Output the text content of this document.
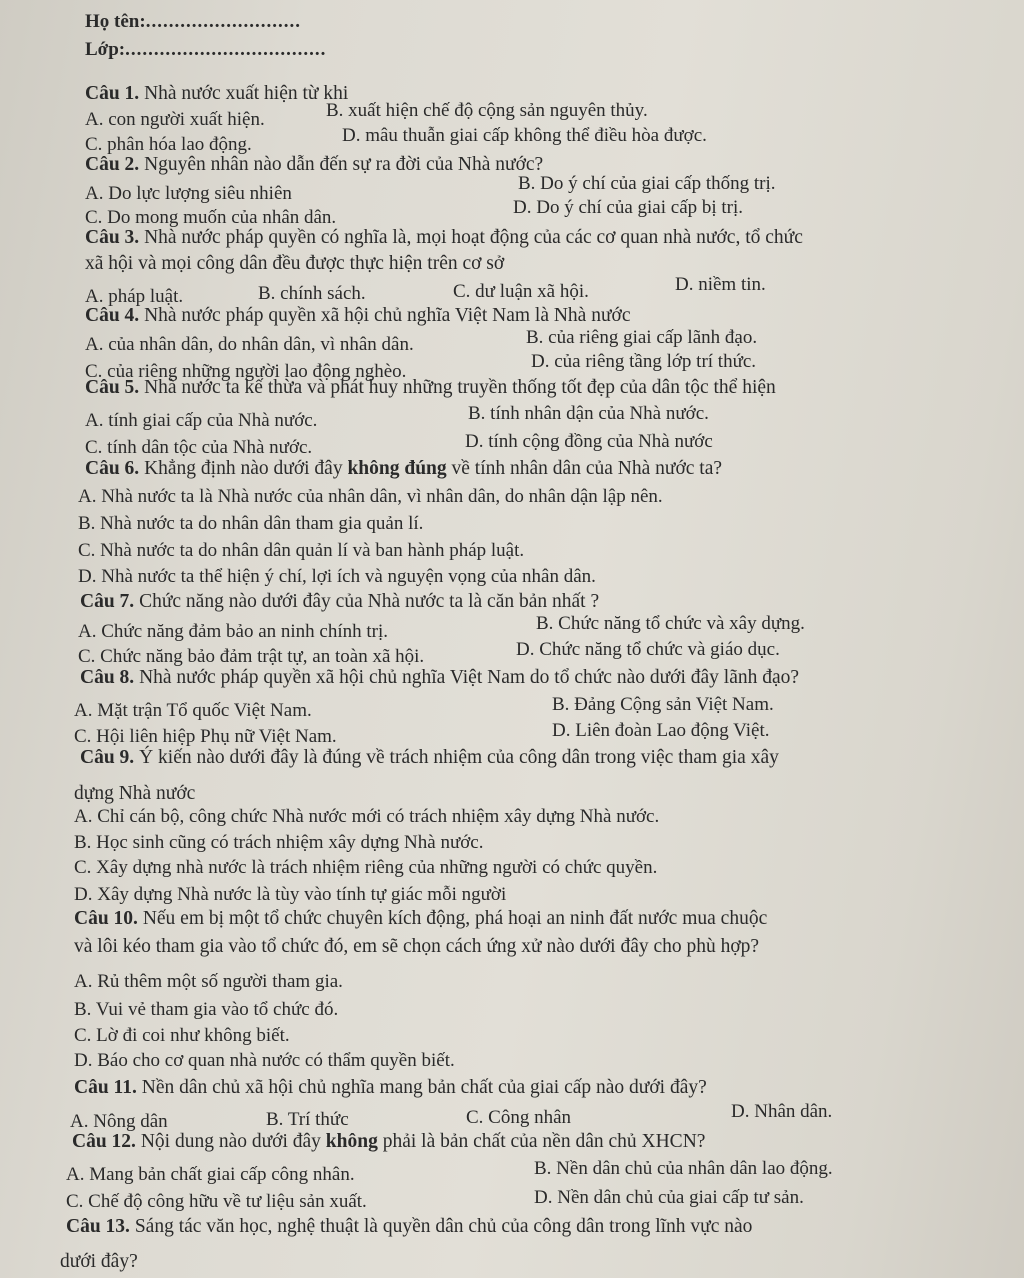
Họ tên:...........................
Lớp:...................................
Câu 1. Nhà nước xuất hiện từ khi
A. con người xuất hiện.	B. xuất hiện chế độ cộng sản nguyên thủy.
C. phân hóa lao động.	D. mâu thuẫn giai cấp không thể điều hòa được.
Câu 2. Nguyên nhân nào dẫn đến sự ra đời của Nhà nước?
A. Do lực lượng siêu nhiên	B. Do ý chí của giai cấp thống trị.
C. Do mong muốn của nhân dân.	D. Do ý chí của giai cấp bị trị.
Câu 3. Nhà nước pháp quyền có nghĩa là, mọi hoạt động của các cơ quan nhà nước, tổ chức
xã hội và mọi công dân đều được thực hiện trên cơ sở
A. pháp luật.	B. chính sách.	C. dư luận xã hội.	D. niềm tin.
Câu 4. Nhà nước pháp quyền xã hội chủ nghĩa Việt Nam là Nhà nước
A. của nhân dân, do nhân dân, vì nhân dân.	B. của riêng giai cấp lãnh đạo.
C. của riêng những người lao động nghèo.	D. của riêng tầng lớp trí thức.
Câu 5. Nhà nước ta kế thừa và phát huy những truyền thống tốt đẹp của dân tộc thể hiện
A. tính giai cấp của Nhà nước.	B. tính nhân dận của Nhà nước.
C. tính dân tộc của Nhà nước.	D. tính cộng đồng của Nhà nước
Câu 6. Khẳng định nào dưới đây không đúng về tính nhân dân của Nhà nước ta?
A. Nhà nước ta là Nhà nước của nhân dân, vì nhân dân, do nhân dận lập nên.
B. Nhà nước ta do nhân dân tham gia quản lí.
C. Nhà nước ta do nhân dân quản lí và ban hành pháp luật.
D. Nhà nước ta thể hiện ý chí, lợi ích và nguyện vọng của nhân dân.
Câu 7. Chức năng nào dưới đây của Nhà nước ta là căn bản nhất ?
A. Chức năng đảm bảo an ninh chính trị.	B. Chức năng tổ chức và xây dựng.
C. Chức năng bảo đảm trật tự, an toàn xã hội.	D. Chức năng tổ chức và giáo dục.
Câu 8. Nhà nước pháp quyền xã hội chủ nghĩa Việt Nam do tổ chức nào dưới đây lãnh đạo?
A. Mặt trận Tổ quốc Việt Nam.	B. Đảng Cộng sản Việt Nam.
C. Hội liên hiệp Phụ nữ Việt Nam.	D. Liên đoàn Lao động Việt.
Câu 9. Ý kiến nào dưới đây là đúng về trách nhiệm của công dân trong việc tham gia xây
dựng Nhà nước
A. Chỉ cán bộ, công chức Nhà nước mới có trách nhiệm xây dựng Nhà nước.
B. Học sinh cũng có trách nhiệm xây dựng Nhà nước.
C. Xây dựng nhà nước là trách nhiệm riêng của những người có chức quyền.
D. Xây dựng Nhà nước là tùy vào tính tự giác mỗi người
Câu 10. Nếu em bị một tổ chức chuyên kích động, phá hoại an ninh đất nước mua chuộc
và lôi kéo tham gia vào tổ chức đó, em sẽ chọn cách ứng xử nào dưới đây cho phù hợp?
A. Rủ thêm một số người tham gia.
B. Vui vẻ tham gia vào tổ chức đó.
C. Lờ đi coi như không biết.
D. Báo cho cơ quan nhà nước có thẩm quyền biết.
Câu 11. Nền dân chủ xã hội chủ nghĩa mang bản chất của giai cấp nào dưới đây?
A. Nông dân	B. Trí thức	C. Công nhân	D. Nhân dân.
Câu 12. Nội dung nào dưới đây không phải là bản chất của nền dân chủ XHCN?
A. Mang bản chất giai cấp công nhân.	B. Nền dân chủ của nhân dân lao động.
C. Chế độ công hữu về tư liệu sản xuất.	D. Nền dân chủ của giai cấp tư sản.
Câu 13. Sáng tác văn học, nghệ thuật là quyền dân chủ của công dân trong lĩnh vực nào
dưới đây?
